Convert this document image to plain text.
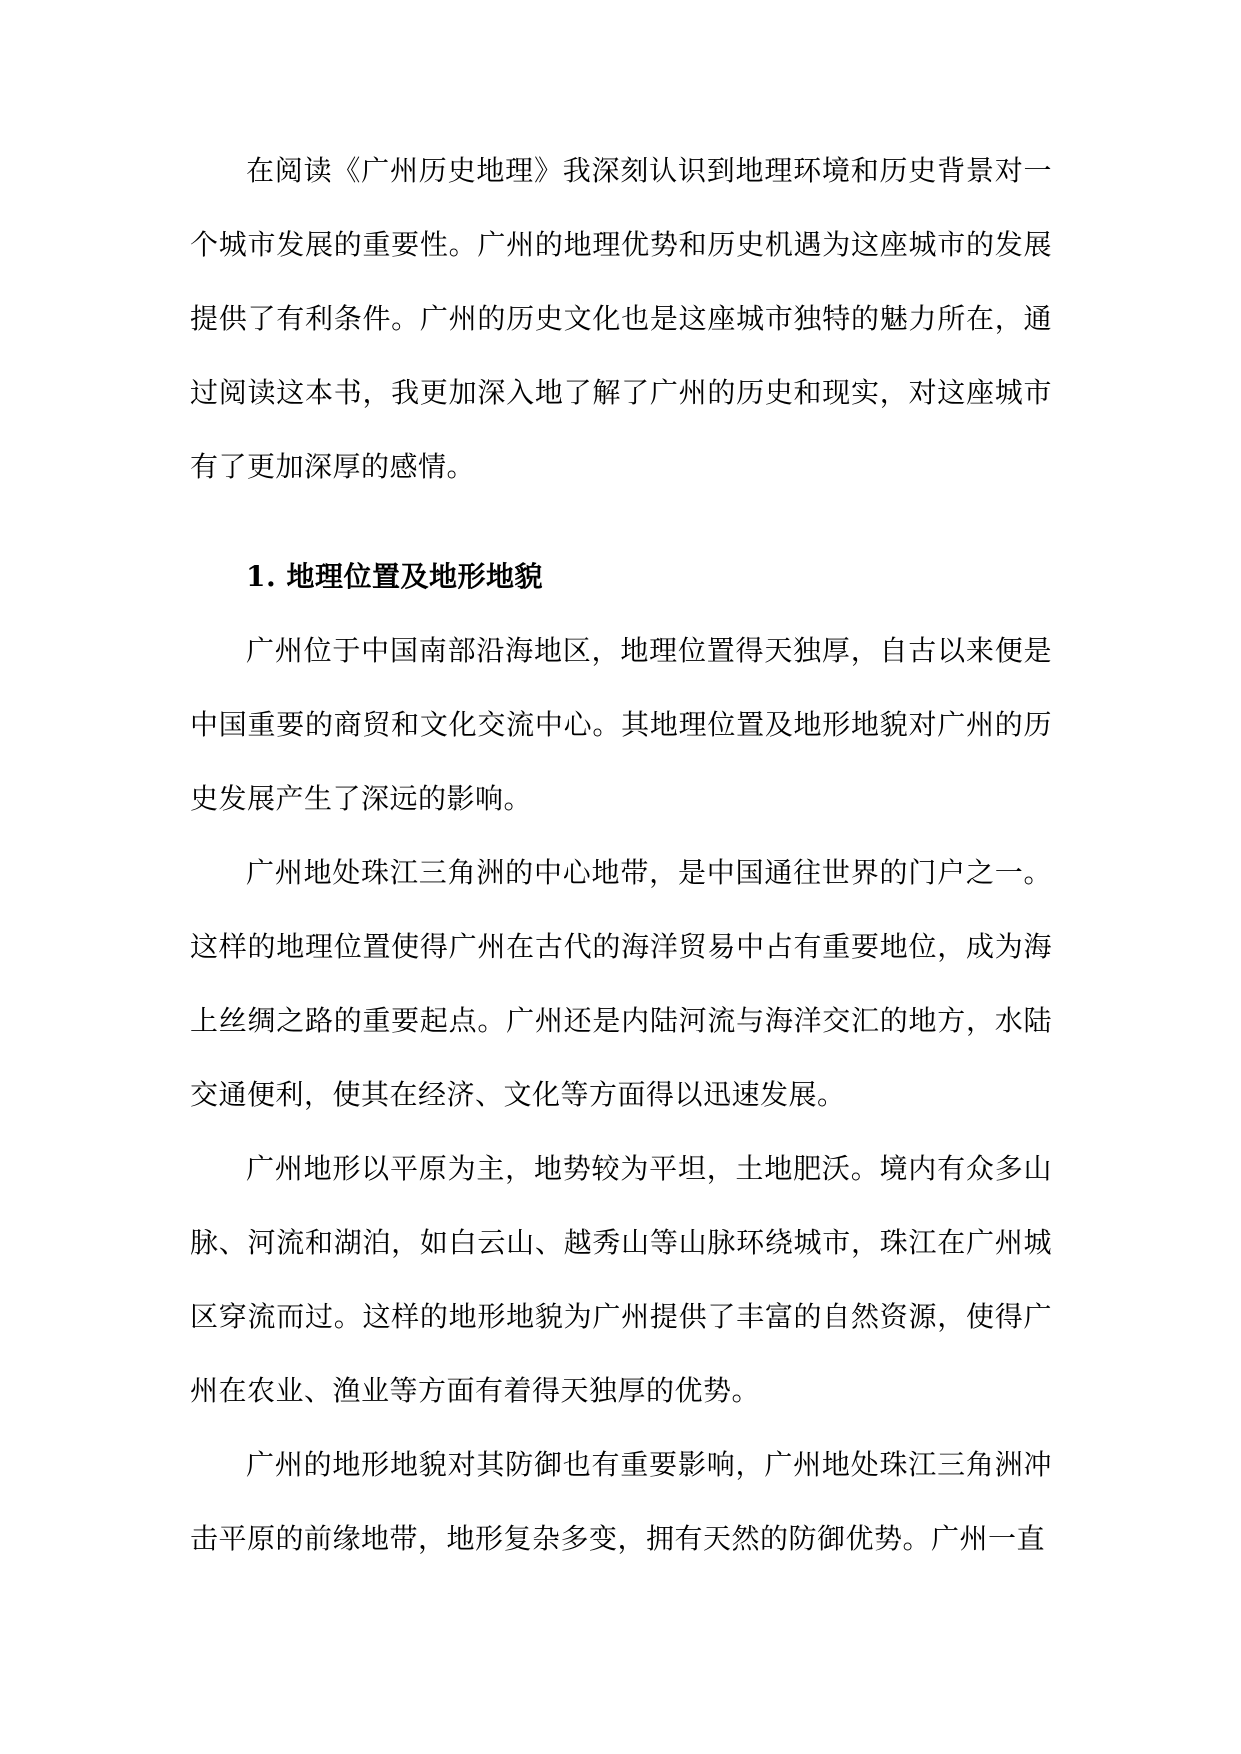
在阅读《广州历史地理》我深刻认识到地理环境和历史背景对一个城市发展的重要性。广州的地理优势和历史机遇为这座城市的发展提供了有利条件。广州的历史文化也是这座城市独特的魅力所在，通过阅读这本书，我更加深入地了解了广州的历史和现实，对这座城市有了更加深厚的感情。

1. 地理位置及地形地貌

广州位于中国南部沿海地区，地理位置得天独厚，自古以来便是中国重要的商贸和文化交流中心。其地理位置及地形地貌对广州的历史发展产生了深远的影响。

广州地处珠江三角洲的中心地带，是中国通往世界的门户之一。这样的地理位置使得广州在古代的海洋贸易中占有重要地位，成为海上丝绸之路的重要起点。广州还是内陆河流与海洋交汇的地方，水陆交通便利，使其在经济、文化等方面得以迅速发展。

广州地形以平原为主，地势较为平坦，土地肥沃。境内有众多山脉、河流和湖泊，如白云山、越秀山等山脉环绕城市，珠江在广州城区穿流而过。这样的地形地貌为广州提供了丰富的自然资源，使得广州在农业、渔业等方面有着得天独厚的优势。

广州的地形地貌对其防御也有重要影响，广州地处珠江三角洲冲击平原的前缘地带，地形复杂多变，拥有天然的防御优势。广州一直
